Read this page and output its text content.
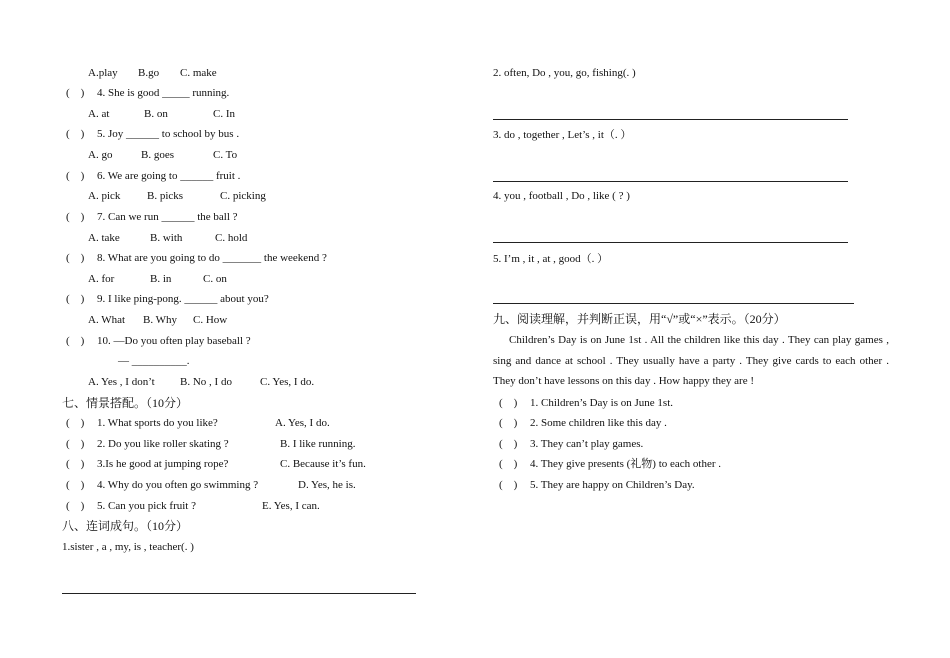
A.play B.go C. make
(　) 4. She is good _____ running.
A. at	B. on	C. In
(　) 5. Joy ______ to school by bus .
A. go	B. goes	C. To
(　) 6. We are going to ______ fruit .
A. pick B. picks	C. picking
(　) 7. Can we run ______ the ball ?
A. take	B. with	C. hold
(　) 8. What are you going to do _______ the weekend ?
A. for	B. in	C. on
(　) 9. I like ping-pong. ______ about you?
A. What B. Why C. How
(　) 10. —Do you often play baseball ?
— __________.
A. Yes , I don’t B. No , I do	C. Yes, I do.
七、情景搭配。（10分）
(　) 1. What sports do you like?	A. Yes, I do.
(　) 2. Do you like roller skating ?	B. I like running.
(　) 3.Is he good at jumping rope?	C. Because it’s fun.
(　) 4. Why do you often go swimming ?	D. Yes, he is.
(　) 5. Can you pick fruit ?	E. Yes, I can.
八、连词成句。（10分）
1.sister , a , my, is , teacher(. )
2. often, Do , you, go, fishing(. )
3. do , together , Let’s , it（. ）
4. you , football , Do , like ( ? )
5. I’m , it , at , good（. ）
九、阅读理解，并判断正误，用“√”或“×”表示。（20分）
Children’s Day is on June 1st . All the children like this day . They can play games , sing and dance at school . They usually have a party . They give cards to each other . They don’t have lessons on this day . How happy they are !
(　) 1. Children’s Day is on June 1st.
(　) 2. Some children like this day .
(　) 3. They can’t play games.
(　) 4. They give presents (礼物) to each other .
(　) 5. They are happy on Children’s Day.
